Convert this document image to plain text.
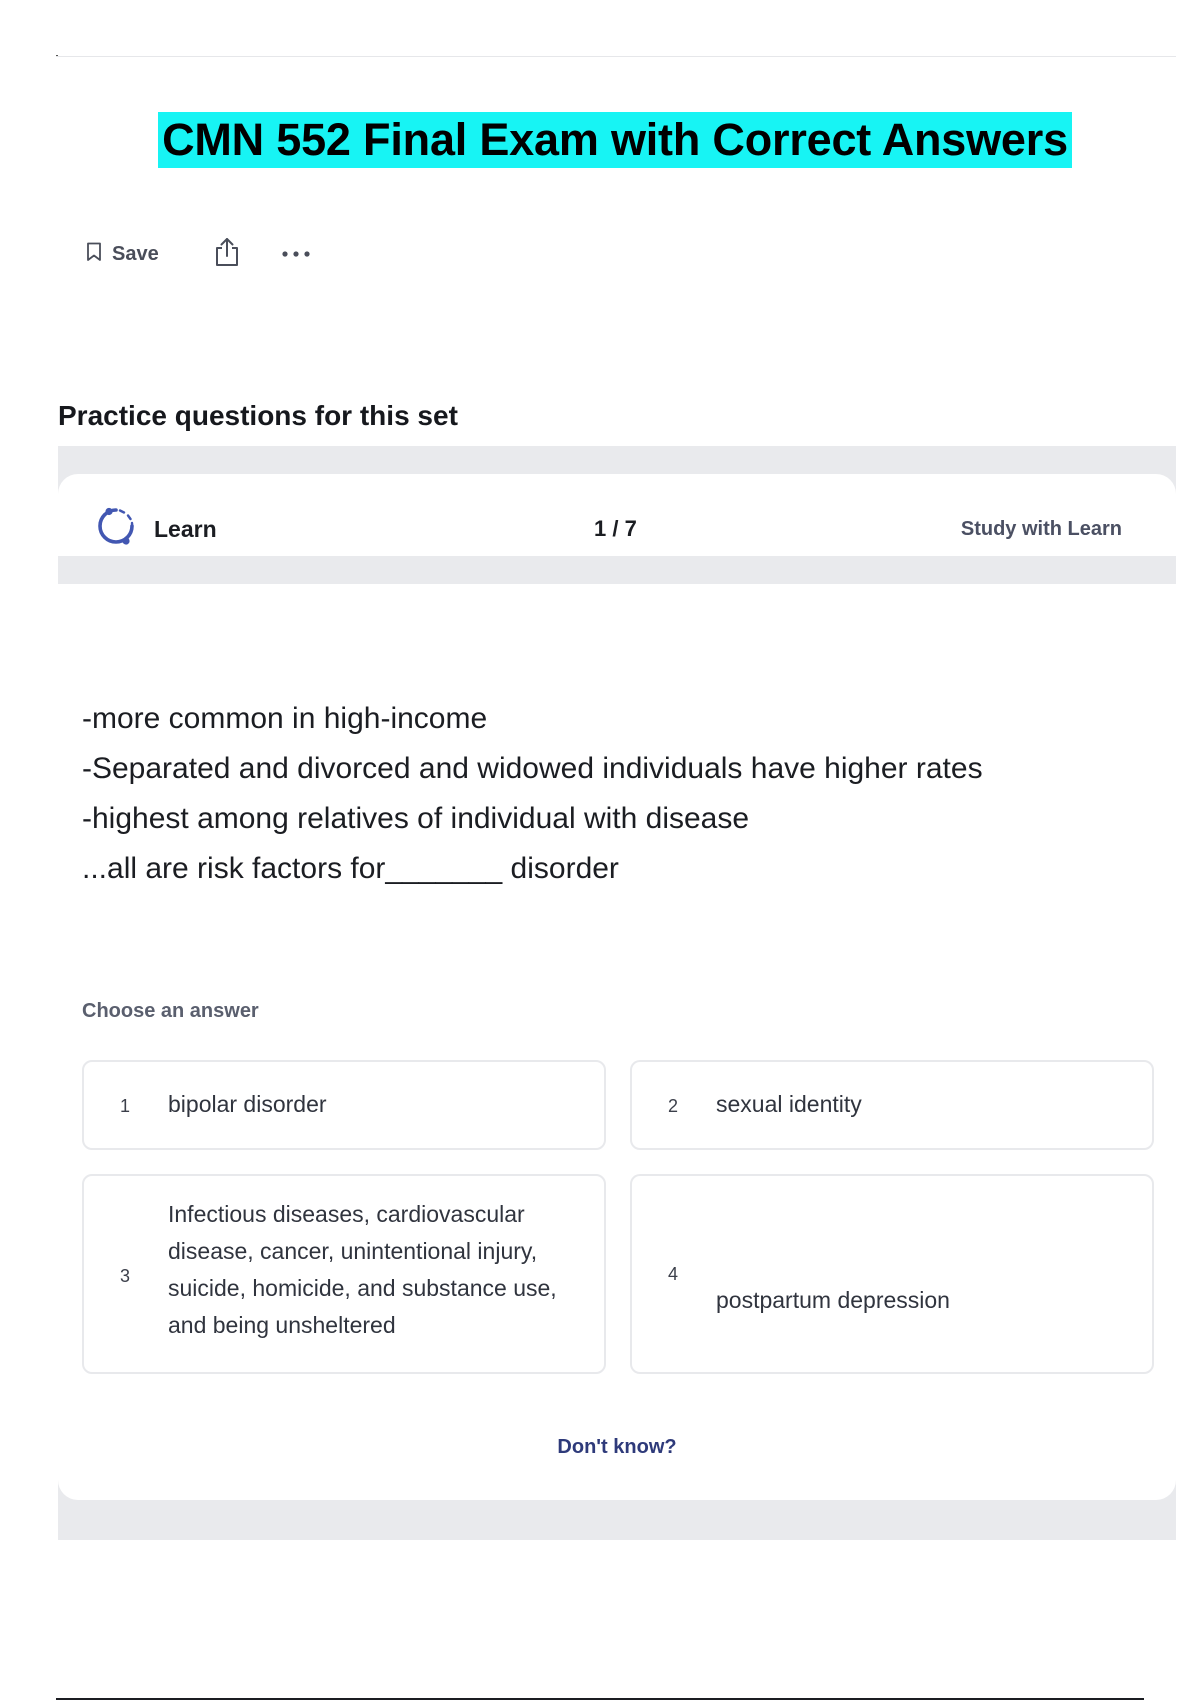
CMN 552 Final Exam with Correct Answers
Save
Practice questions for this set
Learn	1 / 7	Study with Learn
-more common in high-income
-Separated and divorced and widowed individuals have higher rates
-highest among relatives of individual with disease
...all are risk factors for_______ disorder
Choose an answer
1 bipolar disorder	2 sexual identity
3
Infectious diseases, cardiovascular disease, cancer, unintentional injury, suicide, homicide, and substance use, and being unsheltered
4
postpartum depression
Don't know?
